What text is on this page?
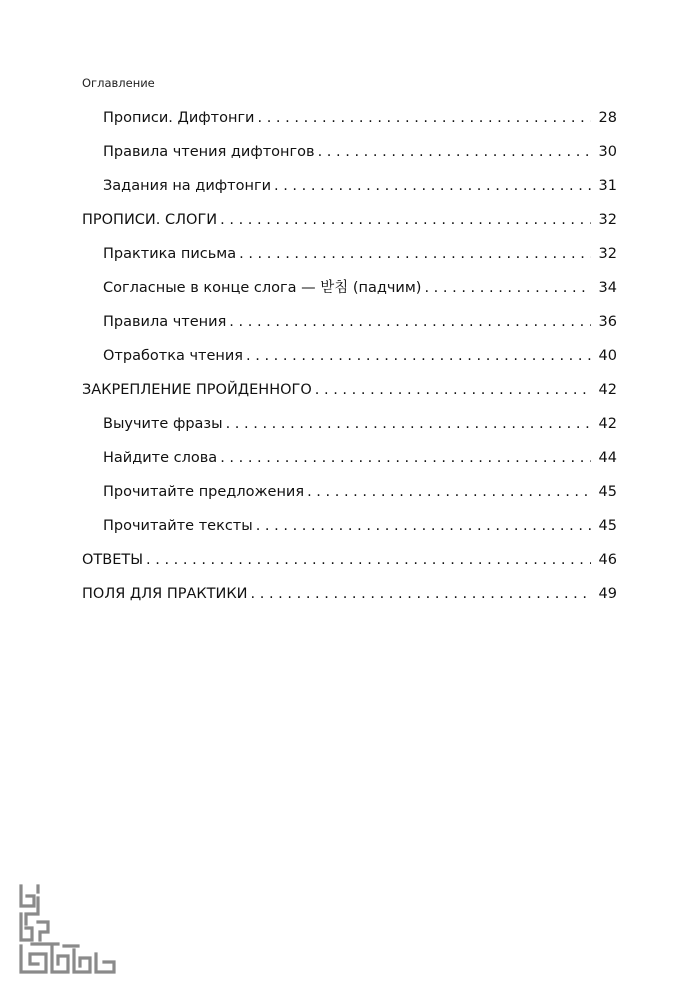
Оглавление
Прописи. Дифтонги . . .	28
Правила чтения дифтонгов . . .	30
Задания на дифтонги . . .	31
ПРОПИСИ. СЛОГИ . . .	32
Практика письма . . .	32
Согласные в конце слога — 받침 (падчим) . . .	34
Правила чтения . . .	36
Отработка чтения . . .	40
ЗАКРЕПЛЕНИЕ ПРОЙДЕННОГО . . .	42
Выучите фразы . . .	42
Найдите слова . . .	44
Прочитайте предложения . . .	45
Прочитайте тексты . . .	45
ОТВЕТЫ . . .	46
ПОЛЯ ДЛЯ ПРАКТИКИ . . .	49
